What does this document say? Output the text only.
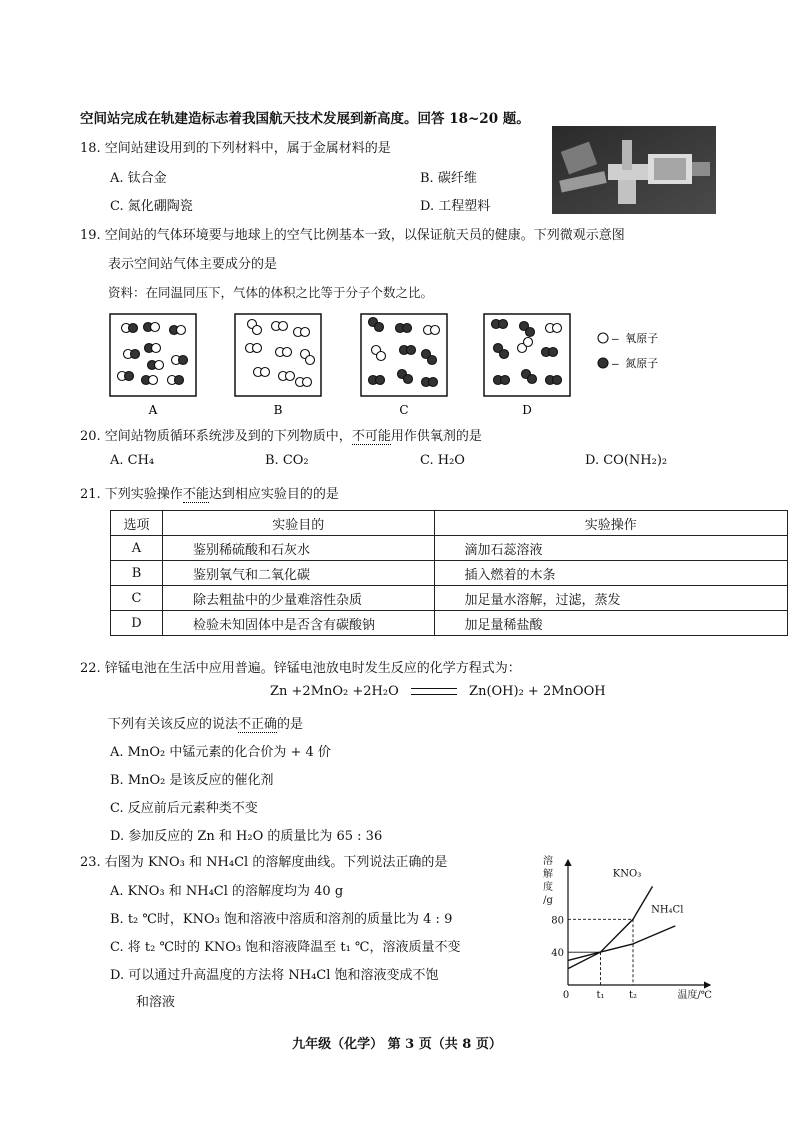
空间站完成在轨建造标志着我国航天技术发展到新高度。回答 18~20 题。
18. 空间站建设用到的下列材料中，属于金属材料的是
A. 钛合金	B. 碳纤维
C. 氮化硼陶瓷	D. 工程塑料
19. 空间站的气体环境要与地球上的空气比例基本一致，以保证航天员的健康。下列微观示意图
表示空间站气体主要成分的是
资料：在同温同压下，气体的体积之比等于分子个数之比。
A	B	C	D
— 氧原子
— 氮原子
20. 空间站物质循环系统涉及到的下列物质中，不可能用作供氧剂的是
A. CH₄	B. CO₂	C. H₂O	D. CO(NH₂)₂
21. 下列实验操作不能达到相应实验目的的是
选项	实验目的	实验操作
A	鉴别稀硫酸和石灰水	滴加石蕊溶液
B	鉴别氧气和二氧化碳	插入燃着的木条
C	除去粗盐中的少量难溶性杂质	加足量水溶解，过滤，蒸发
D	检验未知固体中是否含有碳酸钠	加足量稀盐酸
22. 锌锰电池在生活中应用普遍。锌锰电池放电时发生反应的化学方程式为：
Zn +2MnO₂ +2H₂O	Zn(OH)₂ + 2MnOOH
下列有关该反应的说法不正确的是
A. MnO₂ 中锰元素的化合价为 + 4 价
B. MnO₂ 是该反应的催化剂
C. 反应前后元素种类不变
D. 参加反应的 Zn 和 H₂O 的质量比为 65 : 36
23. 右图为 KNO₃ 和 NH₄Cl 的溶解度曲线。下列说法正确的是
A. KNO₃ 和 NH₄Cl 的溶解度均为 40 g
B. t₂ ℃时，KNO₃ 饱和溶液中溶质和溶剂的质量比为 4 : 9
C. 将 t₂ ℃时的 KNO₃ 饱和溶液降温至 t₁ ℃，溶液质量不变
D. 可以通过升高温度的方法将 NH₄Cl 饱和溶液变成不饱
和溶液
KNO₃
NH₄Cl
溶
解
度
/g
80
40
0	t₁ t₂	温度/℃
九年级（化学） 第 3 页（共 8 页）
